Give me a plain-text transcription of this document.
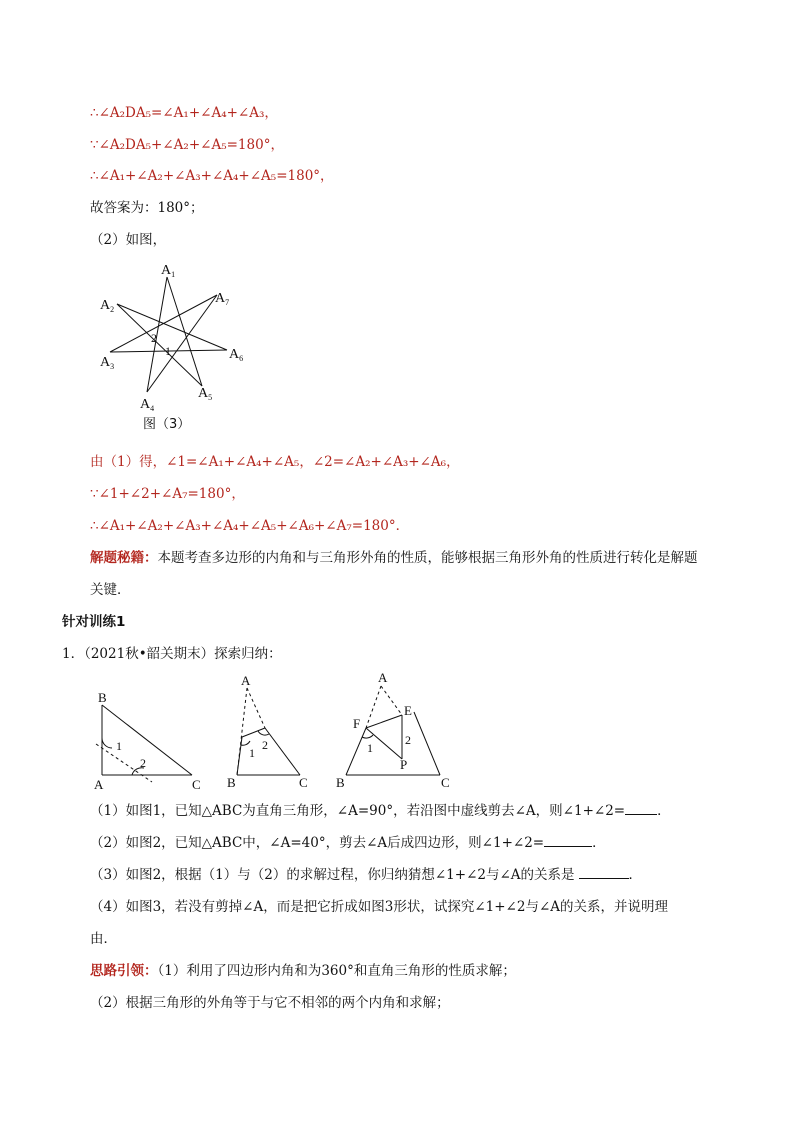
∴∠A₂DA₅=∠A₁+∠A₄+∠A₃，
∵∠A₂DA₅+∠A₂+∠A₅=180°，
∴∠A₁+∠A₂+∠A₃+∠A₄+∠A₅=180°，
故答案为：180°；
（2）如图，
$A_1$
$A_2$
$A_3$
$A_4$
$A_5$
$A_6$
$A_7$
2
1
图（3）
由（1）得，∠1=∠A₁+∠A₄+∠A₅，∠2=∠A₂+∠A₃+∠A₆，
∵∠1+∠2+∠A₇=180°，
∴∠A₁+∠A₂+∠A₃+∠A₄+∠A₅+∠A₆+∠A₇=180°．
解题秘籍：本题考查多边形的内角和与三角形外角的性质，能够根据三角形外角的性质进行转化是解题
关键．
针对训练1
1．（2021秋•韶关期末）探索归纳：
B
A	C
1
2
A
B	C
1
2
A
E
F
P
B	C
1
2
（1）如图1，已知△ABC为直角三角形，∠A=90°，若沿图中虚线剪去∠A，则∠1+∠2= ．
（2）如图2，已知△ABC中，∠A=40°，剪去∠A后成四边形，则∠1+∠2=	．
（3）如图2，根据（1）与（2）的求解过程，你归纳猜想∠1+∠2与∠A的关系是	．
（4）如图3，若没有剪掉∠A，而是把它折成如图3形状，试探究∠1+∠2与∠A的关系，并说明理
由．
思路引领：（1）利用了四边形内角和为360°和直角三角形的性质求解；
（2）根据三角形的外角等于与它不相邻的两个内角和求解；
